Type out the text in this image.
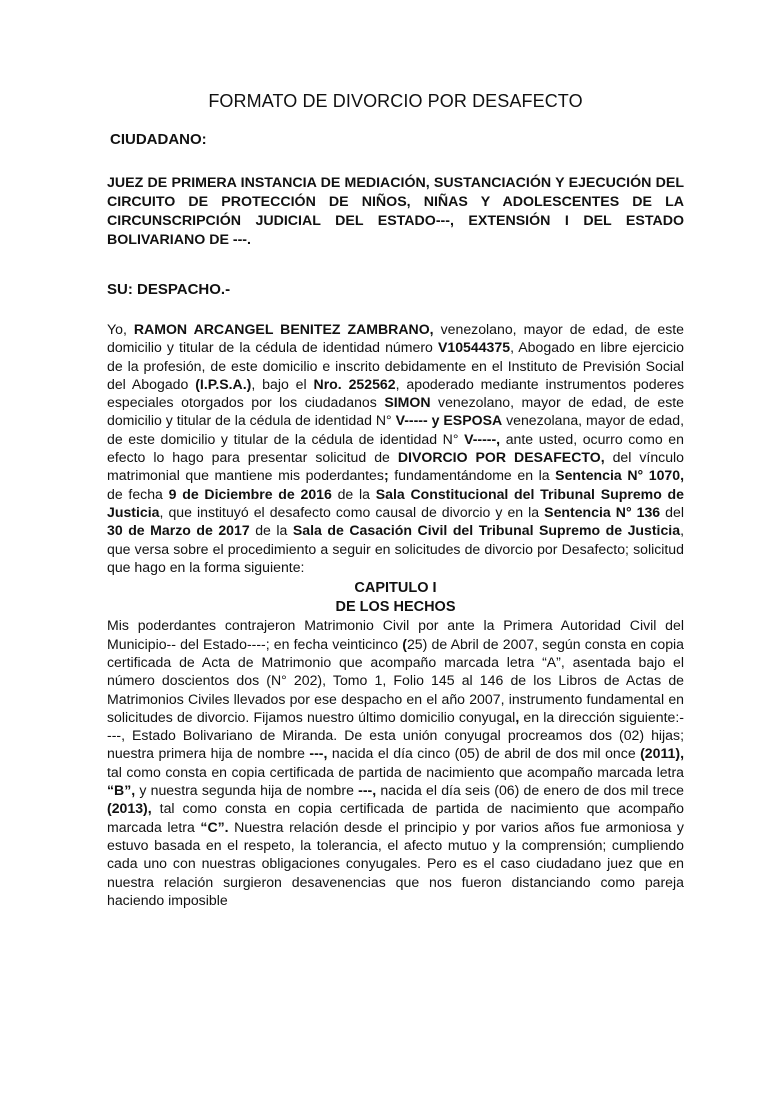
FORMATO DE DIVORCIO POR DESAFECTO
CIUDADANO:
JUEZ DE PRIMERA INSTANCIA DE MEDIACIÓN, SUSTANCIACIÓN Y EJECUCIÓN DEL CIRCUITO DE PROTECCIÓN DE NIÑOS, NIÑAS Y ADOLESCENTES DE LA CIRCUNSCRIPCIÓN JUDICIAL DEL ESTADO---, EXTENSIÓN I DEL ESTADO BOLIVARIANO DE ---.
SU: DESPACHO.-

Yo, RAMON ARCANGEL BENITEZ ZAMBRANO, venezolano, mayor de edad, de este domicilio y titular de la cédula de identidad número V10544375, Abogado en libre ejercicio de la profesión, de este domicilio e inscrito debidamente en el Instituto de Previsión Social del Abogado (I.P.S.A.), bajo el Nro. 252562, apoderado mediante instrumentos poderes especiales otorgados por los ciudadanos SIMON venezolano, mayor de edad, de este domicilio y titular de la cédula de identidad N° V----- y ESPOSA venezolana, mayor de edad, de este domicilio y titular de la cédula de identidad N° V-----, ante usted, ocurro como en efecto lo hago para presentar solicitud de DIVORCIO POR DESAFECTO, del vínculo matrimonial que mantiene mis poderdantes; fundamentándome en la Sentencia N° 1070, de fecha 9 de Diciembre de 2016 de la Sala Constitucional del Tribunal Supremo de Justicia, que instituyó el desafecto como causal de divorcio y en la Sentencia N° 136 del 30 de Marzo de 2017 de la Sala de Casación Civil del Tribunal Supremo de Justicia, que versa sobre el procedimiento a seguir en solicitudes de divorcio por Desafecto; solicitud que hago en la forma siguiente:

CAPITULO I
DE LOS HECHOS

Mis poderdantes contrajeron Matrimonio Civil por ante la Primera Autoridad Civil del Municipio-- del Estado----; en fecha veinticinco (25) de Abril de 2007, según consta en copia certificada de Acta de Matrimonio que acompaño marcada letra “A”, asentada bajo el número doscientos dos (N° 202), Tomo 1, Folio 145 al 146 de los Libros de Actas de Matrimonios Civiles llevados por ese despacho en el año 2007, instrumento fundamental en solicitudes de divorcio. Fijamos nuestro último domicilio conyugal, en la dirección siguiente:----, Estado Bolivariano de Miranda. De esta unión conyugal procreamos dos (02) hijas; nuestra primera hija de nombre ---, nacida el día cinco (05) de abril de dos mil once (2011), tal como consta en copia certificada de partida de nacimiento que acompaño marcada letra “B”, y nuestra segunda hija de nombre ---, nacida el día seis (06) de enero de dos mil trece (2013), tal como consta en copia certificada de partida de nacimiento que acompaño marcada letra “C”. Nuestra relación desde el principio y por varios años fue armoniosa y estuvo basada en el respeto, la tolerancia, el afecto mutuo y la comprensión; cumpliendo cada uno con nuestras obligaciones conyugales. Pero es el caso ciudadano juez que en nuestra relación surgieron desavenencias que nos fueron distanciando como pareja haciendo imposible
